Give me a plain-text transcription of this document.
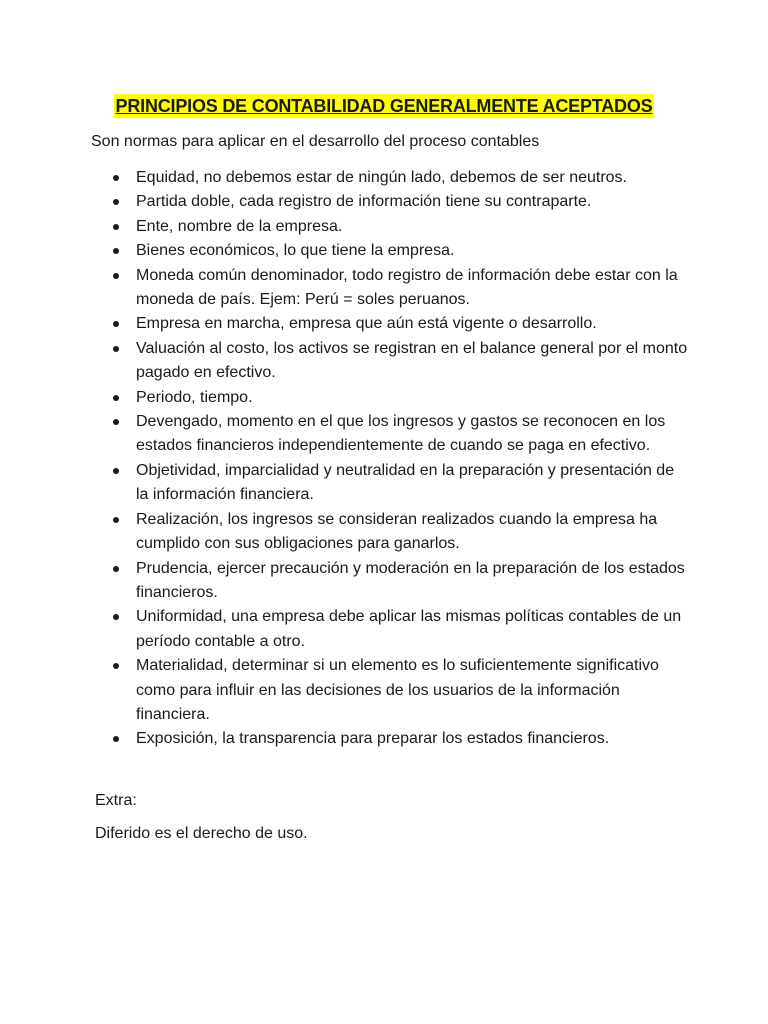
PRINCIPIOS DE CONTABILIDAD GENERALMENTE ACEPTADOS

Son normas para aplicar en el desarrollo del proceso contables

Equidad, no debemos estar de ningún lado, debemos de ser neutros.
Partida doble, cada registro de información tiene su contraparte.
Ente, nombre de la empresa.
Bienes económicos, lo que tiene la empresa.
Moneda común denominador, todo registro de información debe estar con la moneda de país. Ejem: Perú = soles peruanos.
Empresa en marcha, empresa que aún está vigente o desarrollo.
Valuación al costo, los activos se registran en el balance general por el monto pagado en efectivo.
Periodo, tiempo.
Devengado, momento en el que los ingresos y gastos se reconocen en los estados financieros independientemente de cuando se paga en efectivo.
Objetividad, imparcialidad y neutralidad en la preparación y presentación de la información financiera.
Realización, los ingresos se consideran realizados cuando la empresa ha cumplido con sus obligaciones para ganarlos.
Prudencia, ejercer precaución y moderación en la preparación de los estados financieros.
Uniformidad, una empresa debe aplicar las mismas políticas contables de un período contable a otro.
Materialidad, determinar si un elemento es lo suficientemente significativo como para influir en las decisiones de los usuarios de la información financiera.
Exposición, la transparencia para preparar los estados financieros.

Extra:

Diferido es el derecho de uso.
